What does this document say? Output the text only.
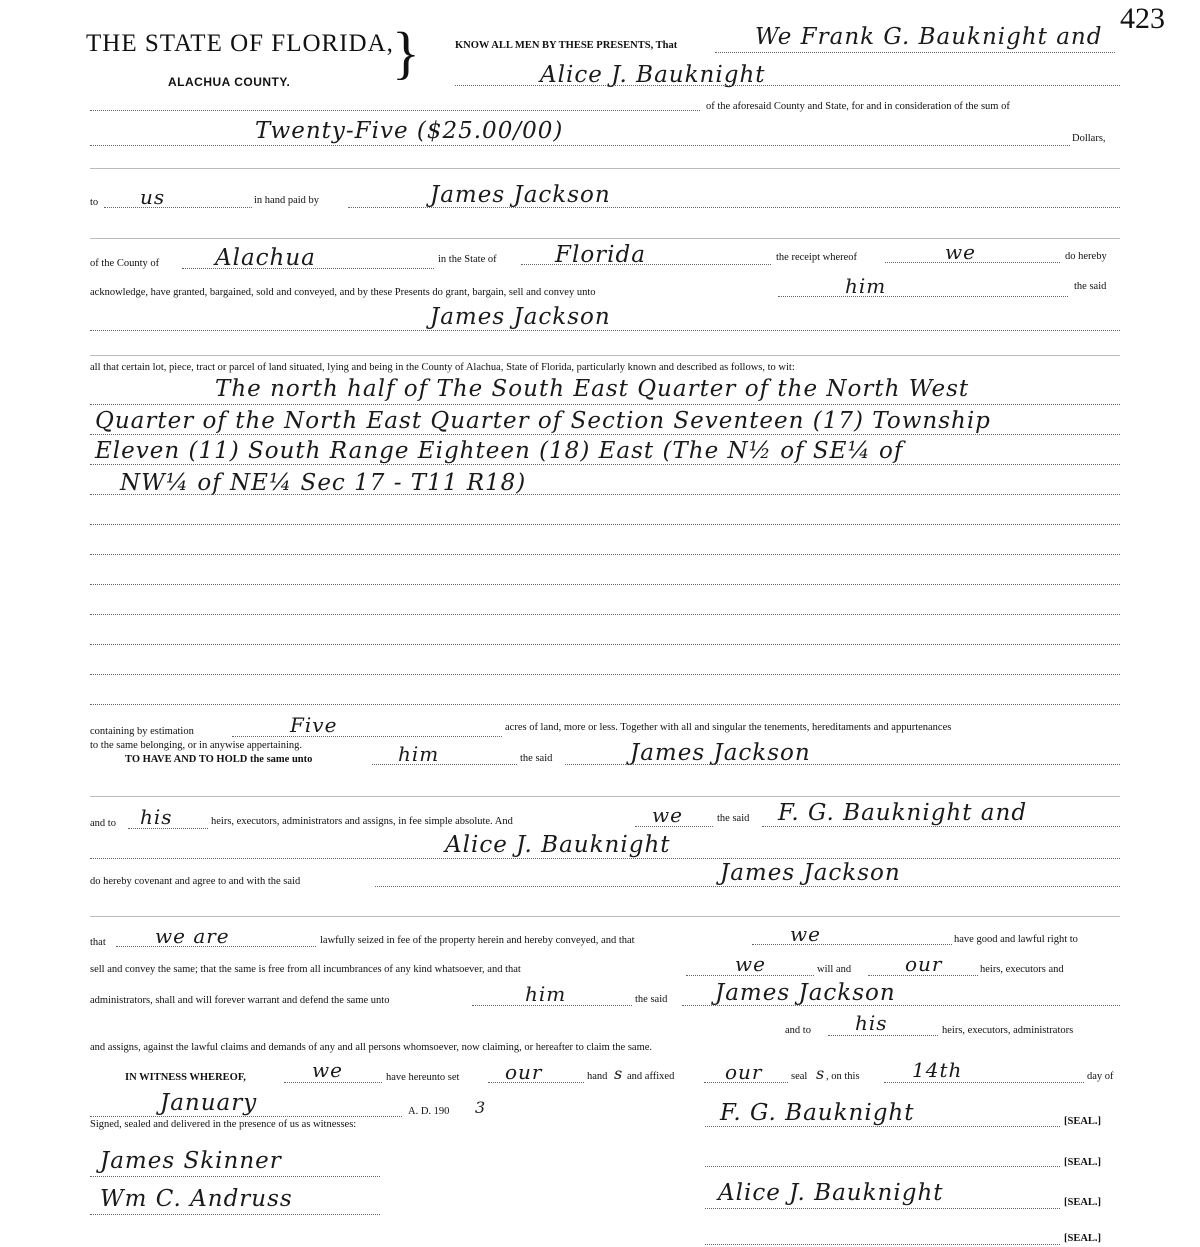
423
THE STATE OF FLORIDA,
ALACHUA COUNTY. }	KNOW ALL MEN BY THESE PRESENTS, That	We Frank G. Bauknight and
Alice J. Bauknight
of the aforesaid County and State, for and in consideration of the sum of
Twenty-Five ($25.00/00)	Dollars,
to us	in hand paid by	James Jackson
of the County of Alachua	in the State of	Florida	the receipt whereof	we	do hereby
acknowledge, have granted, bargained, sold and conveyed, and by these Presents do grant, bargain, sell and convey unto	him	the said
James Jackson
all that certain lot, piece, tract or parcel of land situated, lying and being in the County of Alachua, State of Florida, particularly known and described as follows, to wit:
The north half of The South East Quarter of the North West
Quarter of the North East Quarter of Section Seventeen (17) Township
Eleven (11) South Range Eighteen (18) East (The N½ of SE¼ of
NW¼ of NE¼ Sec 17 - T11 R18)
containing by estimation	Five	acres of land, more or less. Together with all and singular the tenements, hereditaments and appurtenances
to the same belonging, or in anywise appertaining.
TO HAVE AND TO HOLD the same unto	him	the said	James Jackson
and to his	heirs, executors, administrators and assigns, in fee simple absolute. And	we	the said F. G. Bauknight and
Alice J. Bauknight
do hereby covenant and agree to and with the said	James Jackson
that we are	lawfully seized in fee of the property herein and hereby conveyed, and that	we	have good and lawful right to
sell and convey the same; that the same is free from all incumbrances of any kind whatsoever, and that	we	will and	our	heirs, executors and
administrators, shall and will forever warrant and defend the same unto	him	the said James Jackson
and to his	heirs, executors, administrators
and assigns, against the lawful claims and demands of any and all persons whomsoever, now claiming, or hereafter to claim the same.
IN WITNESS WHEREOF,	we	have hereunto set our	hand s and affixed	our	seal s , on this	14th	day of
January	A. D. 190 3
Signed, sealed and delivered in the presence of us as witnesses:	F. G. Bauknight	[SEAL.]
James Skinner	[SEAL.]
Wm C. Andruss	Alice J. Bauknight	[SEAL.]
[SEAL.]
